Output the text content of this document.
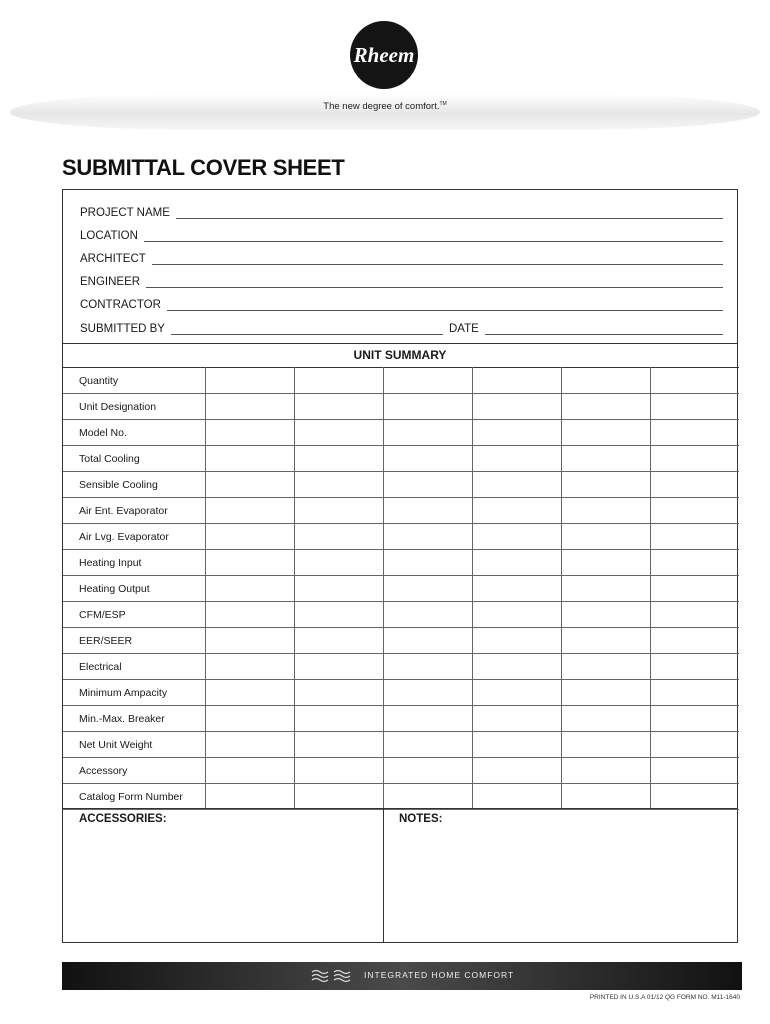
Rheem
The new degree of comfort.™
SUBMITTAL COVER SHEET
PROJECT NAME
LOCATION
ARCHITECT
ENGINEER
CONTRACTOR
SUBMITTED BY	DATE
UNIT SUMMARY
Quantity						
Unit Designation						
Model No.						
Total Cooling						
Sensible Cooling						
Air Ent. Evaporator						
Air Lvg. Evaporator						
Heating Input						
Heating Output						
CFM/ESP						
EER/SEER						
Electrical						
Minimum Ampacity						
Min.-Max. Breaker						
Net Unit Weight						
Accessory						
Catalog Form Number						
ACCESSORIES:	NOTES:
INTEGRATED HOME COMFORT
PRINTED IN U.S.A 01/12 QG FORM NO. M11-1640
